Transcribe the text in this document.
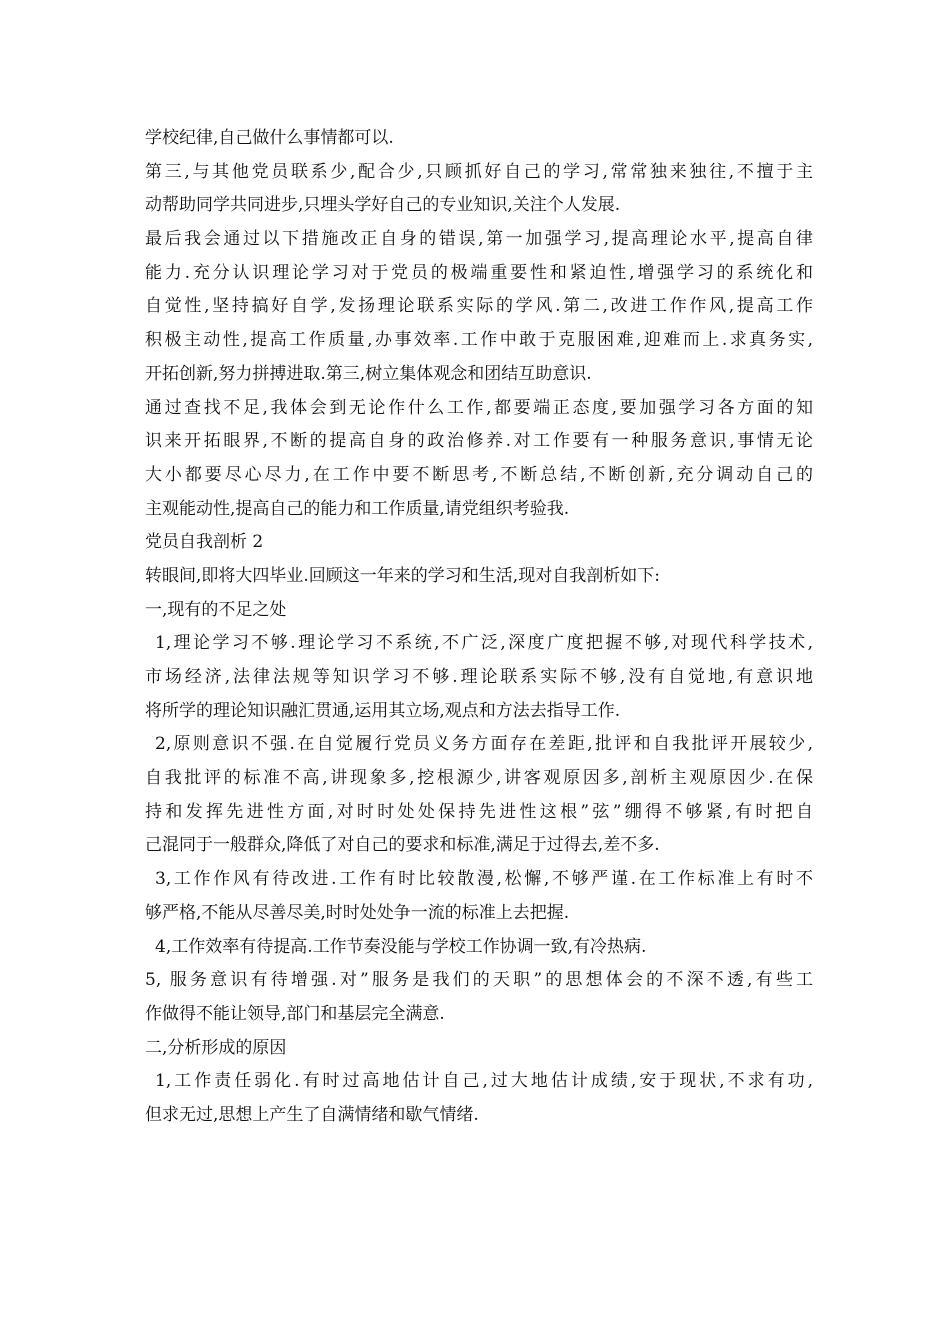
学校纪律,自己做什么事情都可以.
第三,与其他党员联系少,配合少,只顾抓好自己的学习,常常独来独往,不擅于主
动帮助同学共同进步,只埋头学好自己的专业知识,关注个人发展.
最后我会通过以下措施改正自身的错误,第一加强学习,提高理论水平,提高自律
能力.充分认识理论学习对于党员的极端重要性和紧迫性,增强学习的系统化和
自觉性,坚持搞好自学,发扬理论联系实际的学风.第二,改进工作作风,提高工作
积极主动性,提高工作质量,办事效率.工作中敢于克服困难,迎难而上.求真务实,
开拓创新,努力拼搏进取.第三,树立集体观念和团结互助意识.
通过查找不足,我体会到无论作什么工作,都要端正态度,要加强学习各方面的知
识来开拓眼界,不断的提高自身的政治修养.对工作要有一种服务意识,事情无论
大小都要尽心尽力,在工作中要不断思考,不断总结,不断创新,充分调动自己的
主观能动性,提高自己的能力和工作质量,请党组织考验我.
党员自我剖析 2
转眼间,即将大四毕业.回顾这一年来的学习和生活,现对自我剖析如下:
一,现有的不足之处
1,理论学习不够.理论学习不系统,不广泛,深度广度把握不够,对现代科学技术,
市场经济,法律法规等知识学习不够.理论联系实际不够,没有自觉地,有意识地
将所学的理论知识融汇贯通,运用其立场,观点和方法去指导工作.
2,原则意识不强.在自觉履行党员义务方面存在差距,批评和自我批评开展较少,
自我批评的标准不高,讲现象多,挖根源少,讲客观原因多,剖析主观原因少.在保
持和发挥先进性方面,对时时处处保持先进性这根”弦”绷得不够紧,有时把自
己混同于一般群众,降低了对自己的要求和标准,满足于过得去,差不多.
3,工作作风有待改进.工作有时比较散漫,松懈,不够严谨.在工作标准上有时不
够严格,不能从尽善尽美,时时处处争一流的标准上去把握.
4,工作效率有待提高.工作节奏没能与学校工作协调一致,有冷热病.
5, 服务意识有待增强.对”服务是我们的天职”的思想体会的不深不透,有些工
作做得不能让领导,部门和基层完全满意.
二,分析形成的原因
1,工作责任弱化.有时过高地估计自己,过大地估计成绩,安于现状,不求有功,
但求无过,思想上产生了自满情绪和歇气情绪.
